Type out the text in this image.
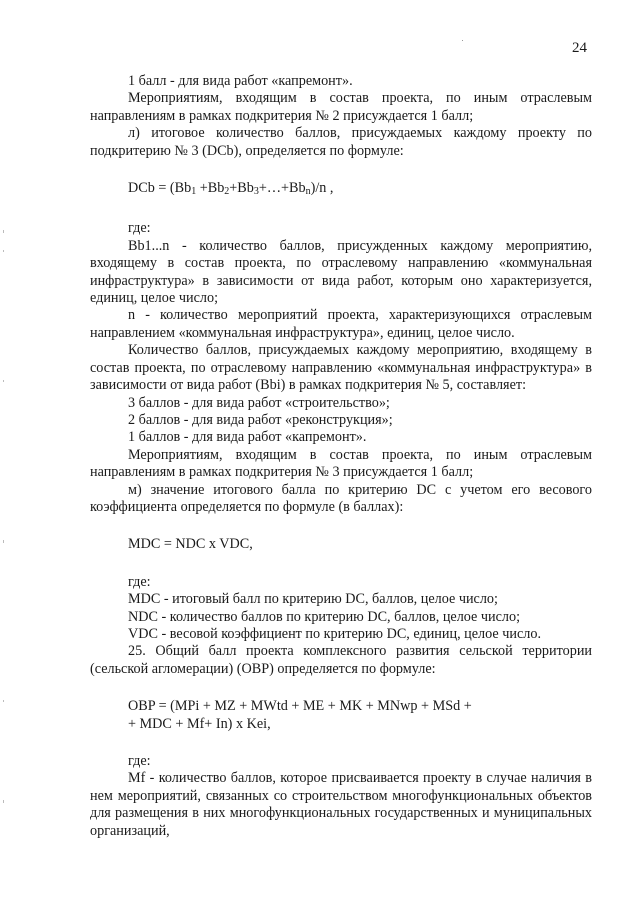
24

1 балл - для вида работ «капремонт».

Мероприятиям, входящим в состав проекта, по иным отраслевым направлениям в рамках подкритерия № 2 присуждается 1 балл;

л) итоговое количество баллов, присуждаемых каждому проекту по подкритерию № 3 (DCb), определяется по формуле:

DCb = ($Bb_1$ $+Bb_2+Bb_3+\dots+Bb_n)/n$ ,

где:

Bb1...n - количество баллов, присужденных каждому мероприятию, входящему в состав проекта, по отраслевому направлению «коммунальная инфраструктура» в зависимости от вида работ, которым оно характеризуется, единиц, целое число;

n - количество мероприятий проекта, характеризующихся отраслевым направлением «коммунальная инфраструктура», единиц, целое число.

Количество баллов, присуждаемых каждому мероприятию, входящему в состав проекта, по отраслевому направлению «коммунальная инфраструктура» в зависимости от вида работ (Bbi) в рамках подкритерия № 5, составляет:

3 баллов - для вида работ «строительство»;

2 баллов - для вида работ «реконструкция»;

1 баллов - для вида работ «капремонт».

Мероприятиям, входящим в состав проекта, по иным отраслевым направлениям в рамках подкритерия № 3 присуждается 1 балл;

м) значение итогового балла по критерию DC с учетом его весового коэффициента определяется по формуле (в баллах):

MDC = NDC x VDC,

где:

MDC - итоговый балл по критерию DC, баллов, целое число;

NDC - количество баллов по критерию DC, баллов, целое число;

VDC - весовой коэффициент по критерию DC, единиц, целое число.

25. Общий балл проекта комплексного развития сельской территории (сельской агломерации) (OBP) определяется по формуле:

OBP = (MPi + MZ + MWtd + ME + MK + MNwp + MSd +

+ MDC + Mf+ In) x Kei,

где:

Mf - количество баллов, которое присваивается проекту в случае наличия в нем мероприятий, связанных со строительством многофункциональных объектов для размещения в них многофункциональных государственных и муниципальных организаций,
